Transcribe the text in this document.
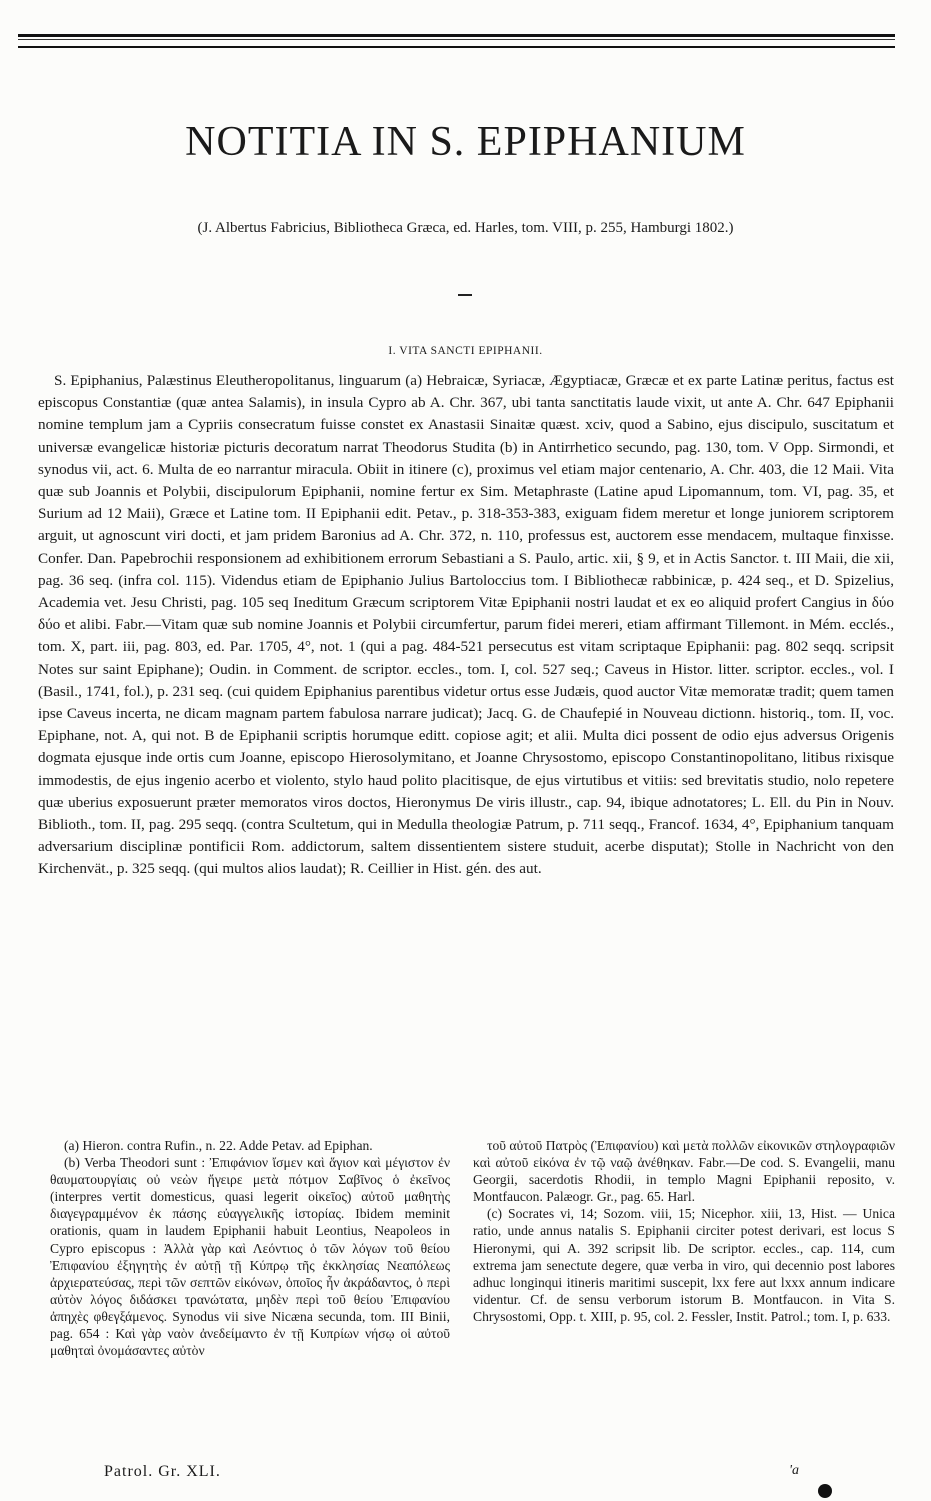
NOTITIA IN S. EPIPHANIUM
(J. Albertus Fabricius, Bibliotheca Græca, ed. Harles, tom. VIII, p. 255, Hamburgi 1802.)
I. VITA SANCTI EPIPHANII.

S. Epiphanius, Palæstinus Eleutheropolitanus, linguarum (a) Hebraicæ, Syriacæ, Ægyptiacæ, Græcæ et ex parte Latinæ peritus, factus est episcopus Constantiæ (quæ antea Salamis), in insula Cypro ab A. Chr. 367, ubi tanta sanctitatis laude vixit, ut ante A. Chr. 647 Epiphanii nomine templum jam a Cypriis consecratum fuisse constet ex Anastasii Sinaitæ quæst. xciv, quod a Sabino, ejus discipulo, suscitatum et universæ evangelicæ historiæ picturis decoratum narrat Theodorus Studita (b) in Antirrhetico secundo, pag. 130, tom. V Opp. Sirmondi, et synodus vii, act. 6. Multa de eo narrantur miracula. Obiit in itinere (c), proximus vel etiam major centenario, A. Chr. 403, die 12 Maii. Vita quæ sub Joannis et Polybii, discipulorum Epiphanii, nomine fertur ex Sim. Metaphraste (Latine apud Lipomannum, tom. VI, pag. 35, et Surium ad 12 Maii), Græce et Latine tom. II Epiphanii edit. Petav., p. 318-353-383, exiguam fidem meretur et longe juniorem scriptorem arguit, ut agnoscunt viri docti, et jam pridem Baronius ad A. Chr. 372, n. 110, professus est, auctorem esse mendacem, multaque finxisse. Confer. Dan. Papebrochii responsionem ad exhibitionem errorum Sebastiani a S. Paulo, artic. xii, § 9, et in Actis Sanctor. t. III Maii, die xii, pag. 36 seq. (infra col. 115). Videndus etiam de Epiphanio Julius Bartoloccius tom. I Bibliothecæ rabbinicæ, p. 424 seq., et D. Spizelius, Academia vet. Jesu Christi, pag. 105 seq Ineditum Græcum scriptorem Vitæ Epiphanii nostri laudat et ex eo aliquid profert Cangius in δύο δύο et alibi. Fabr.—Vitam quæ sub nomine Joannis et Polybii circumfertur, parum fidei mereri, etiam affirmant Tillemont. in Mém. ecclés., tom. X, part. iii, pag. 803, ed. Par. 1705, 4°, not. 1 (qui a pag. 484-521 persecutus est vitam scriptaque Epiphanii: pag. 802 seqq. scripsit Notes sur saint Epiphane); Oudin. in Comment. de scriptor. eccles., tom. I, col. 527 seq.; Caveus in Histor. litter. scriptor. eccles., vol. I (Basil., 1741, fol.), p. 231 seq. (cui quidem Epiphanius parentibus videtur ortus esse Judæis, quod auctor Vitæ memoratæ tradit; quem tamen ipse Caveus incerta, ne dicam magnam partem fabulosa narrare judicat); Jacq. G. de Chaufepié in Nouveau dictionn. historiq., tom. II, voc. Epiphane, not. A, qui not. B de Epiphanii scriptis horumque editt. copiose agit; et alii. Multa dici possent de odio ejus adversus Origenis dogmata ejusque inde ortis cum Joanne, episcopo Hierosolymitano, et Joanne Chrysostomo, episcopo Constantinopolitano, litibus rixisque immodestis, de ejus ingenio acerbo et violento, stylo haud polito placitisque, de ejus virtutibus et vitiis: sed brevitatis studio, nolo repetere quæ uberius exposuerunt præter memoratos viros doctos, Hieronymus De viris illustr., cap. 94, ibique adnotatores; L. Ell. du Pin in Nouv. Biblioth., tom. II, pag. 295 seqq. (contra Scultetum, qui in Medulla theologiæ Patrum, p. 711 seqq., Francof. 1634, 4°, Epiphanium tanquam adversarium disciplinæ pontificii Rom. addictorum, saltem dissentientem sistere studuit, acerbe disputat); Stolle in Nachricht von den Kirchenvät., p. 325 seqq. (qui multos alios laudat); R. Ceillier in Hist. gén. des aut.

(a) Hieron. contra Rufin., n. 22. Adde Petav. ad Epiphan.

(b) Verba Theodori sunt : Ἐπιφάνιον ἴσμεν καὶ ἅγιον καὶ μέγιστον ἐν θαυματουργίαις οὐ νεὼν ἤγειρε μετὰ πότμον Σαβῖνος ὁ ἐκεῖνος (interpres vertit domesticus, quasi legerit οἰκεῖος) αὐτοῦ μαθητὴς διαγεγραμμένον ἐκ πάσης εὐαγγελικῆς ἱστορίας. Ibidem meminit orationis, quam in laudem Epiphanii habuit Leontius, Neapoleos in Cypro episcopus : Ἀλλὰ γὰρ καὶ Λεόντιος ὁ τῶν λόγων τοῦ θείου Ἐπιφανίου ἐξηγητὴς ἐν αὐτῇ τῇ Κύπρῳ τῆς ἐκκλησίας Νεαπόλεως ἀρχιερατεύσας, περὶ τῶν σεπτῶν εἰκόνων, ὁποῖος ἦν ἀκράδαντος, ὁ περὶ αὐτὸν λόγος διδάσκει τρανώτατα, μηδὲν περὶ τοῦ θείου Ἐπιφανίου ἀπηχὲς φθεγξάμενος. Synodus vii sive Nicæna secunda, tom. III Binii, pag. 654 : Καὶ γὰρ ναὸν ἀνεδείμαντο ἐν τῇ Κυπρίων νήσῳ οἱ αὐτοῦ μαθηταὶ ὀνομάσαντες αὐτὸν

τοῦ αὐτοῦ Πατρὸς (Ἐπιφανίου) καὶ μετὰ πολλῶν εἰκονικῶν στηλογραφιῶν καὶ αὐτοῦ εἰκόνα ἐν τῷ ναῷ ἀνέθηκαν. Fabr.—De cod. S. Evangelii, manu Georgii, sacerdotis Rhodii, in templo Magni Epiphanii reposito, v. Montfaucon. Palæogr. Gr., pag. 65. Harl.

(c) Socrates vi, 14; Sozom. viii, 15; Nicephor. xiii, 13, Hist. — Unica ratio, unde annus natalis S. Epiphanii circiter potest derivari, est locus S Hieronymi, qui A. 392 scripsit lib. De scriptor. eccles., cap. 114, cum extrema jam senectute degere, quæ verba in viro, qui decennio post labores adhuc longinqui itineris maritimi suscepit, lxx fere aut lxxx annum indicare videntur. Cf. de sensu verborum istorum B. Montfaucon. in Vita S. Chrysostomi, Opp. t. XIII, p. 95, col. 2. Fessler, Instit. Patrol.; tom. I, p. 633.

Patrol. Gr. XLI.	'a
